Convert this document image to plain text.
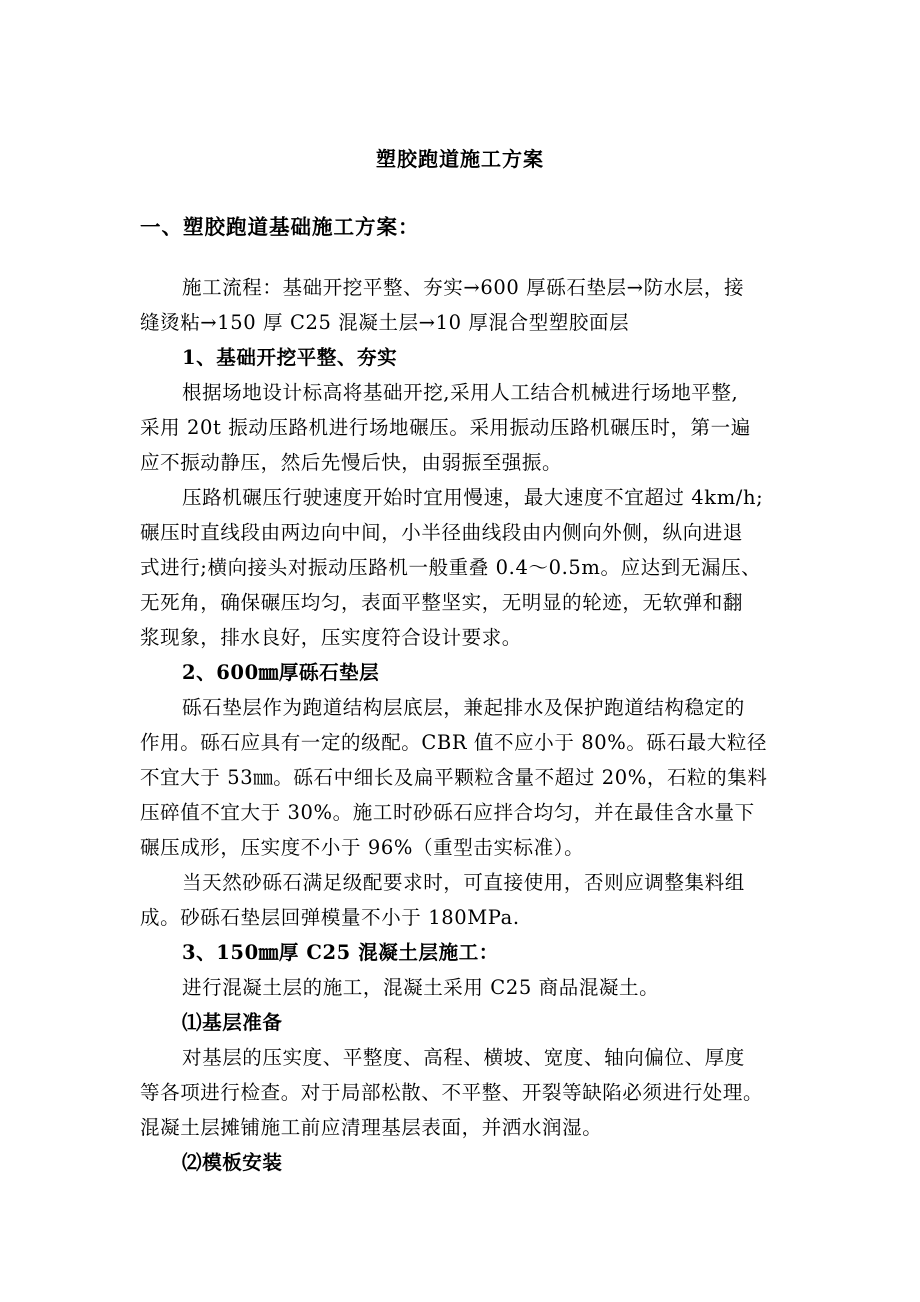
塑胶跑道施工方案
一、塑胶跑道基础施工方案：
施工流程：基础开挖平整、夯实→600 厚砾石垫层→防水层，接
缝烫粘→150 厚 C25 混凝土层→10 厚混合型塑胶面层
1、基础开挖平整、夯实
根据场地设计标高将基础开挖,采用人工结合机械进行场地平整,
采用 20t 振动压路机进行场地碾压。采用振动压路机碾压时，第一遍
应不振动静压，然后先慢后快，由弱振至强振。
压路机碾压行驶速度开始时宜用慢速，最大速度不宜超过 4km/h;
碾压时直线段由两边向中间，小半径曲线段由内侧向外侧，纵向进退
式进行;横向接头对振动压路机一般重叠 0.4～0.5m。应达到无漏压、
无死角，确保碾压均匀，表面平整坚实，无明显的轮迹，无软弹和翻
浆现象，排水良好，压实度符合设计要求。
2、600㎜厚砾石垫层
砾石垫层作为跑道结构层底层，兼起排水及保护跑道结构稳定的
作用。砾石应具有一定的级配。CBR 值不应小于 80%。砾石最大粒径
不宜大于 53㎜。砾石中细长及扁平颗粒含量不超过 20%，石粒的集料
压碎值不宜大于 30%。施工时砂砾石应拌合均匀，并在最佳含水量下
碾压成形，压实度不小于 96%（重型击实标准）。
当天然砂砾石满足级配要求时，可直接使用，否则应调整集料组
成。砂砾石垫层回弹模量不小于 180MPa.
3、150㎜厚 C25 混凝土层施工：
进行混凝土层的施工，混凝土采用 C25 商品混凝土。
⑴基层准备
对基层的压实度、平整度、高程、横坡、宽度、轴向偏位、厚度
等各项进行检查。对于局部松散、不平整、开裂等缺陷必须进行处理。
混凝土层摊铺施工前应清理基层表面，并洒水润湿。
⑵模板安装
